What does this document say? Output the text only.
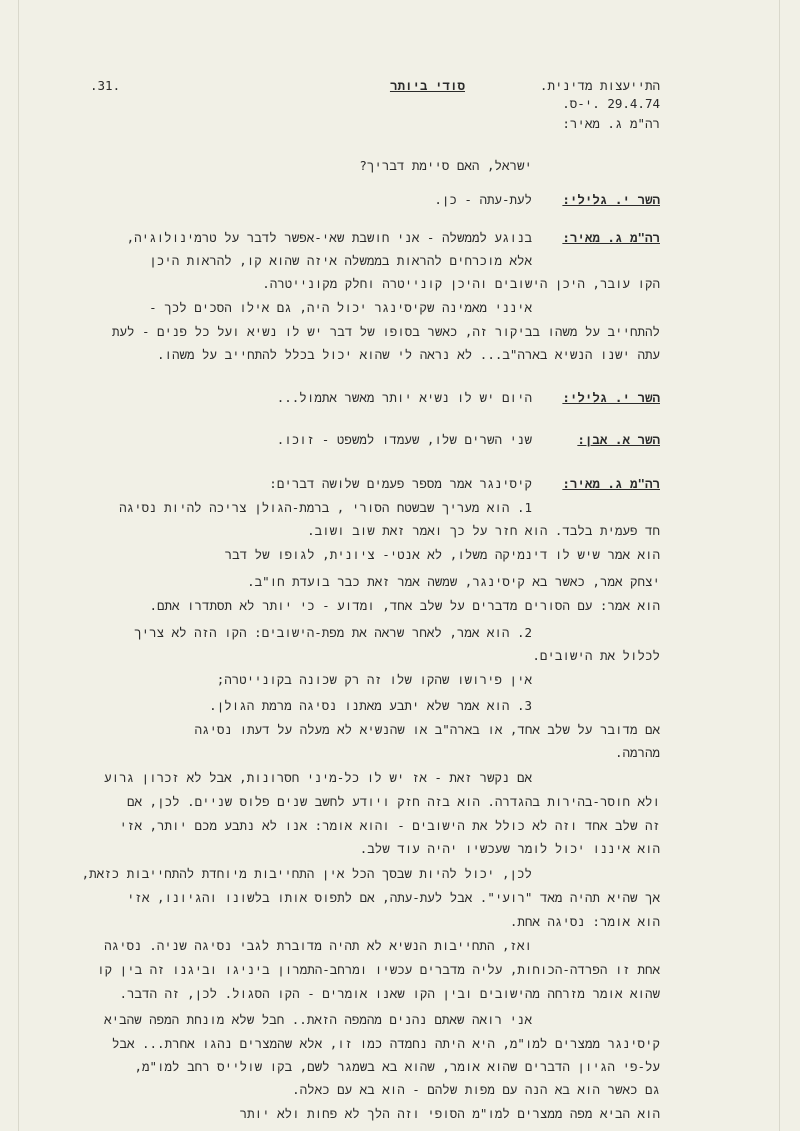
התייעצות מדינית.
סודי ביותר
.31.
29.4.74 .י-ס.
רה"מ ג. מאיר:
ישראל, האם סיימת דבריך?
השר י. גלילי:
לעת-עתה - כן.
רה"מ ג. מאיר:
בנוגע לממשלה - אני חושבת שאי-אפשר לדבר על טרמינולוגיה,
אלא מוכרחים להראות בממשלה איזה שהוא קו, להראות היכן
הקו עובר, היכן הישובים והיכן קונייטרה וחלק מקונייטרה.
אינני מאמינה שקיסינגר יכול היה, גם אילו הסכים לכך -
להתחייב על משהו בביקור זה, כאשר בסופו של דבר יש לו נשיא ועל כל פנים - לעת
עתה ישנו הנשיא בארה"ב... לא נראה לי שהוא יכול בכלל להתחייב על משהו.
השר י. גלילי:
היום יש לו נשיא יותר מאשר אתמול...
השר א. אבן:
שני השרים שלו, שעמדו למשפט - זוכו.
רה"מ ג. מאיר:
קיסינגר אמר מספר פעמים שלושה דברים:
1. הוא מעריך שבשטח הסורי , ברמת-הגולן צריכה להיות נסיגה
חד פעמית בלבד. הוא חזר על כך ואמר זאת שוב ושוב.
הוא אמר שיש לו דינמיקה משלו, לא אנטי- ציונית, לגופו של דבר
יצחק אמר, כאשר בא קיסינגר, שמשה אמר זאת כבר בועדת חו"ב.
הוא אמר: עם הסורים מדברים על שלב אחד, ומדוע - כי יותר לא תסתדרו אתם.
2. הוא אמר, לאחר שראה את מפת-הישובים: הקו הזה לא צריך
לכלול את הישובים.
אין פירושו שהקו שלו זה רק שכונה בקונייטרה;
3. הוא אמר שלא יתבע מאתנו נסיגה מרמת הגולן.
אם מדובר על שלב אחד, או בארה"ב או שהנשיא לא מעלה על דעתו נסיגה
מהרמה.
אם נקשר זאת - אז יש לו כל-מיני חסרונות, אבל לא זכרון גרוע
ולא חוסר-בהירות בהגדרה. הוא בזה חזק ויודע לחשב שנים פלוס שניים. לכן, אם
זה שלב אחד וזה לא כולל את הישובים - והוא אומר: אנו לא נתבע מכם יותר, אזי
הוא איננו יכול לומר שעכשיו יהיה עוד שלב.
לכן, יכול להיות שבסך הכל אין התחייבות מיוחדת להתחייבות כזאת,
אך שהיא תהיה מאד "רועי". אבל לעת-עתה, אם לתפוס אותו בלשונו והגיונו, אזי
הוא אומר: נסיגה אחת.
ואז, התחייבות הנשיא לא תהיה מדוברת לגבי נסיגה שניה. נסיגה
אחת זו הפרדה-הכוחות, עליה מדברים עכשיו ומרחב-התמרון ביניגו וביגנו זה בין קו
שהוא אומר מזרחה מהישובים ובין הקו שאנו אומרים - הקו הסגול. לכן, זה הדבר.
אני רואה שאתם נהנים מהמפה הזאת.. חבל שלא מונחת המפה שהביא
קיסינגר ממצרים למו"מ, היא היתה נחמדה כמו זו, אלא שהמצרים נהגו אחרת... אבל
על-פי הגיון הדברים שהוא אומר, שהוא בא בשמגר לשם, בקו שולייס רחב למו"מ,
גם כאשר הוא בא הנה עם מפות שלהם - הוא בא עם כאלה.
הוא הביא מפה ממצרים למו"מ הסופי וזה הלך לא פחות ולא יותר
